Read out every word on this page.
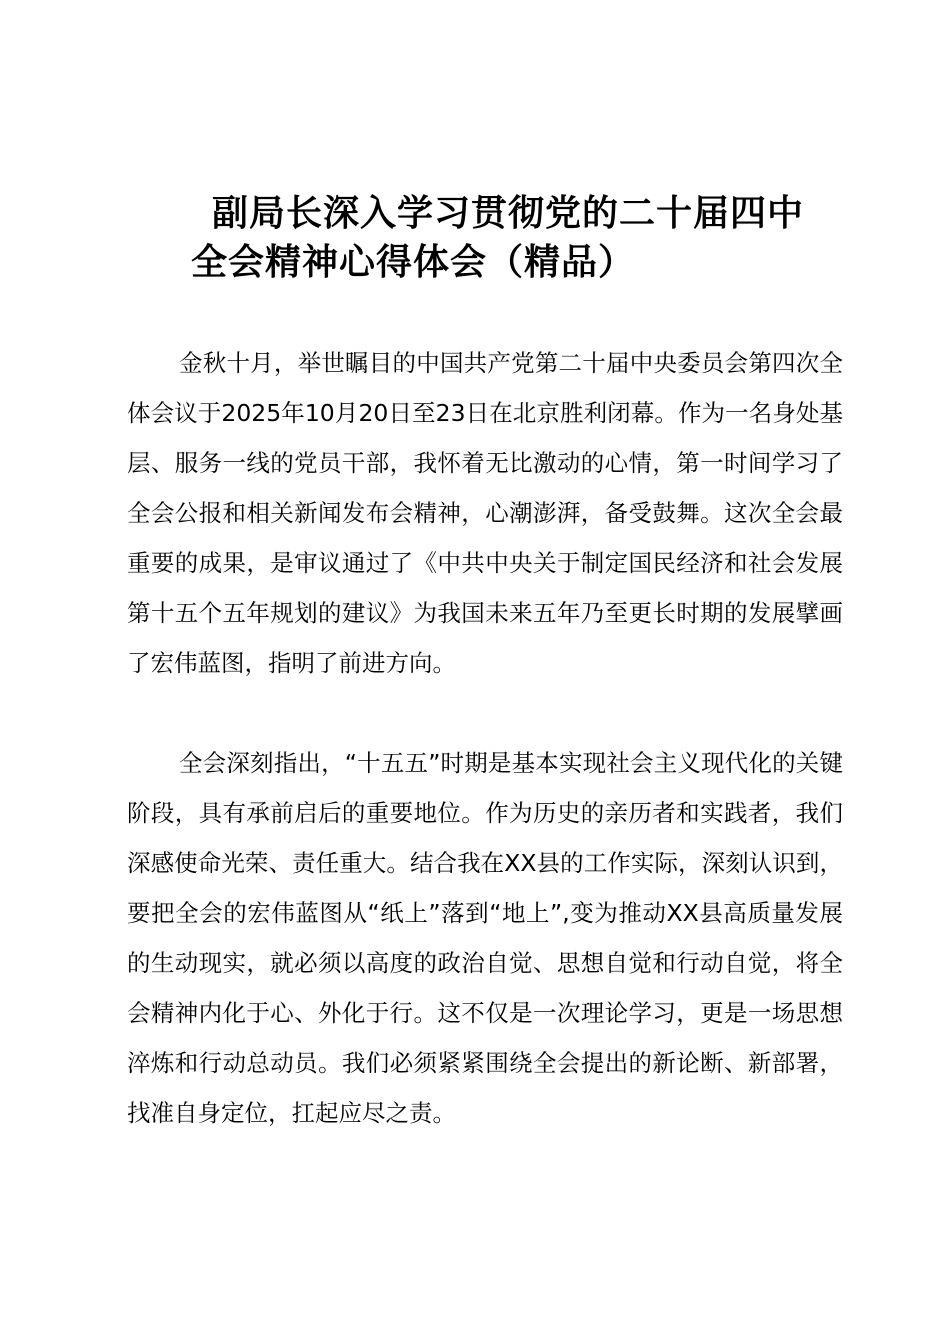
副局长深入学习贯彻党的二十届四中
全会精神心得体会（精品）

金秋十月，举世瞩目的中国共产党第二十届中央委员会第四次全体会议于2025年10月20日至23日在北京胜利闭幕。作为一名身处基层、服务一线的党员干部，我怀着无比激动的心情，第一时间学习了全会公报和相关新闻发布会精神，心潮澎湃，备受鼓舞。这次全会最重要的成果，是审议通过了《中共中央关于制定国民经济和社会发展第十五个五年规划的建议》为我国未来五年乃至更长时期的发展擘画了宏伟蓝图，指明了前进方向。

全会深刻指出，“十五五”时期是基本实现社会主义现代化的关键阶段，具有承前启后的重要地位。作为历史的亲历者和实践者，我们深感使命光荣、责任重大。结合我在XX县的工作实际，深刻认识到，要把全会的宏伟蓝图从“纸上”落到“地上”,变为推动XX县高质量发展的生动现实，就必须以高度的政治自觉、思想自觉和行动自觉，将全会精神内化于心、外化于行。这不仅是一次理论学习，更是一场思想淬炼和行动总动员。我们必须紧紧围绕全会提出的新论断、新部署，找准自身定位，扛起应尽之责。
